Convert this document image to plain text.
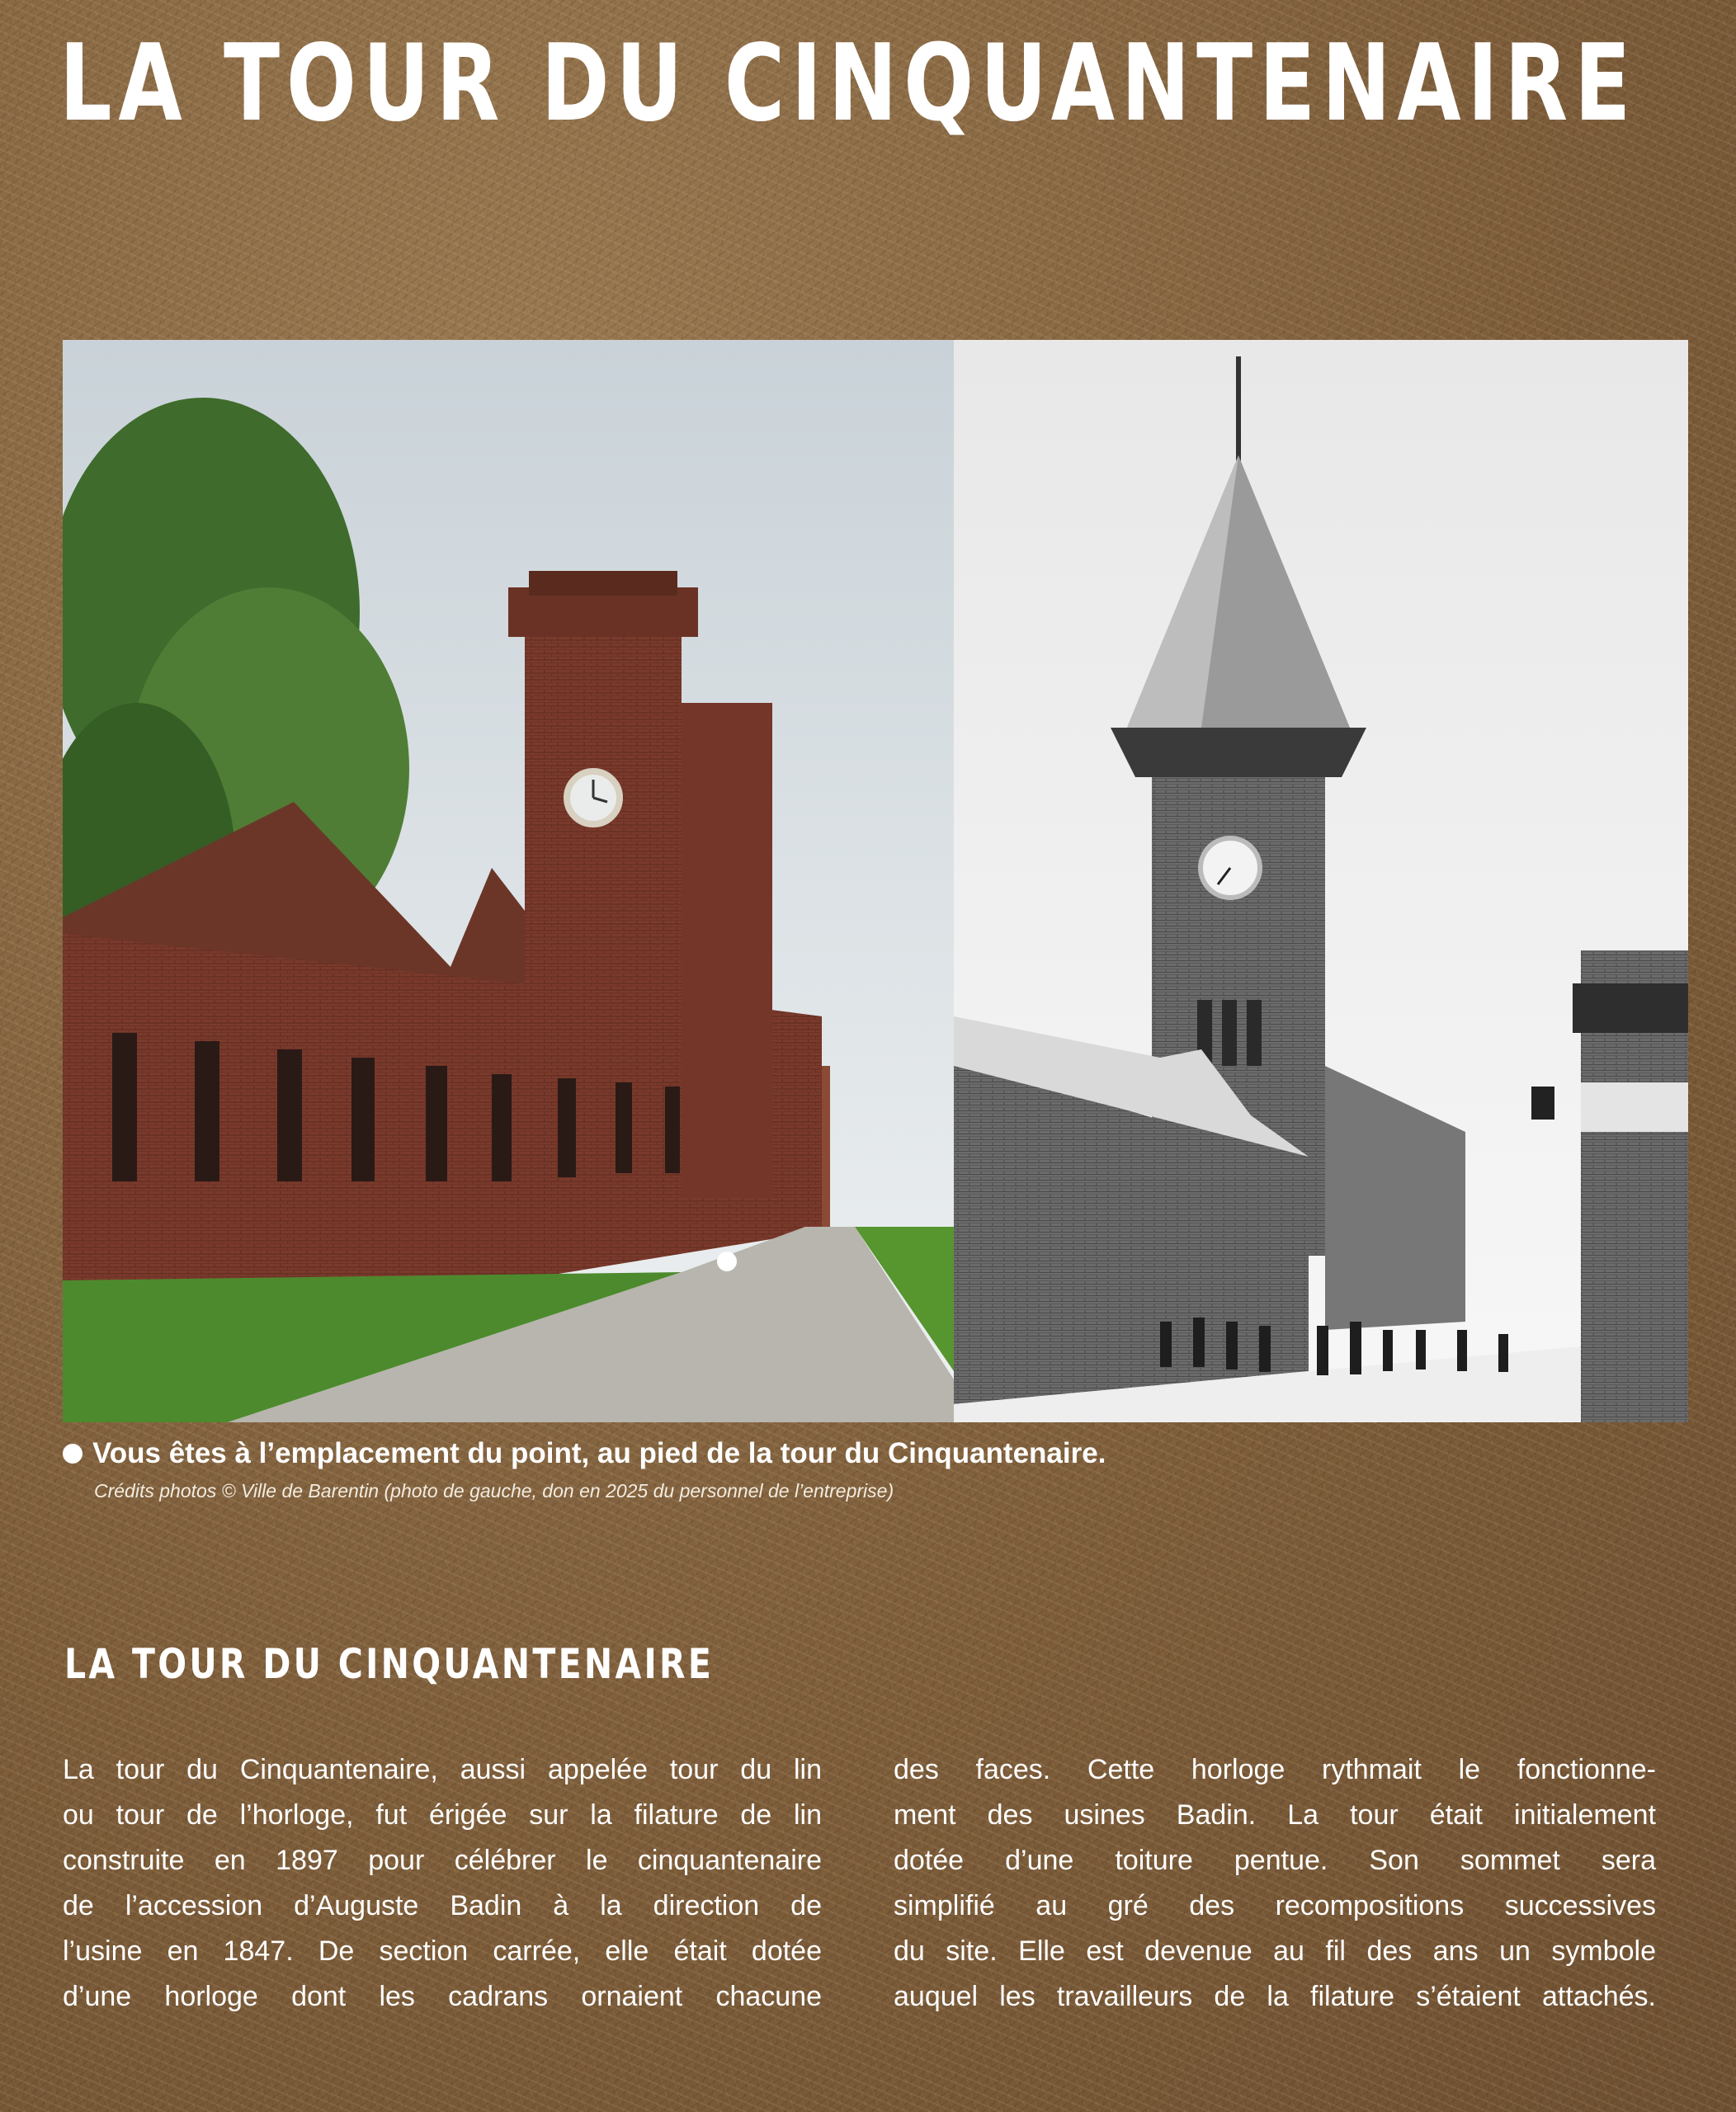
LA TOUR DU CINQUANTENAIRE
Vous êtes à l’emplacement du point, au pied de la tour du Cinquantenaire.
Crédits photos © Ville de Barentin (photo de gauche, don en 2025 du personnel de l’entreprise)
LA TOUR DU CINQUANTENAIRE
La tour du Cinquantenaire, aussi appelée tour du lin
ou tour de l’horloge, fut érigée sur la filature de lin
construite en 1897 pour célébrer le cinquantenaire
de l’accession d’Auguste Badin à la direction de
l’usine en 1847. De section carrée, elle était dotée
d’une horloge dont les cadrans ornaient chacune
des faces. Cette horloge rythmait le fonctionne-
ment des usines Badin. La tour était initialement
dotée d’une toiture pentue. Son sommet sera
simplifié au gré des recompositions successives
du site. Elle est devenue au fil des ans un symbole
auquel les travailleurs de la filature s’étaient attachés.
